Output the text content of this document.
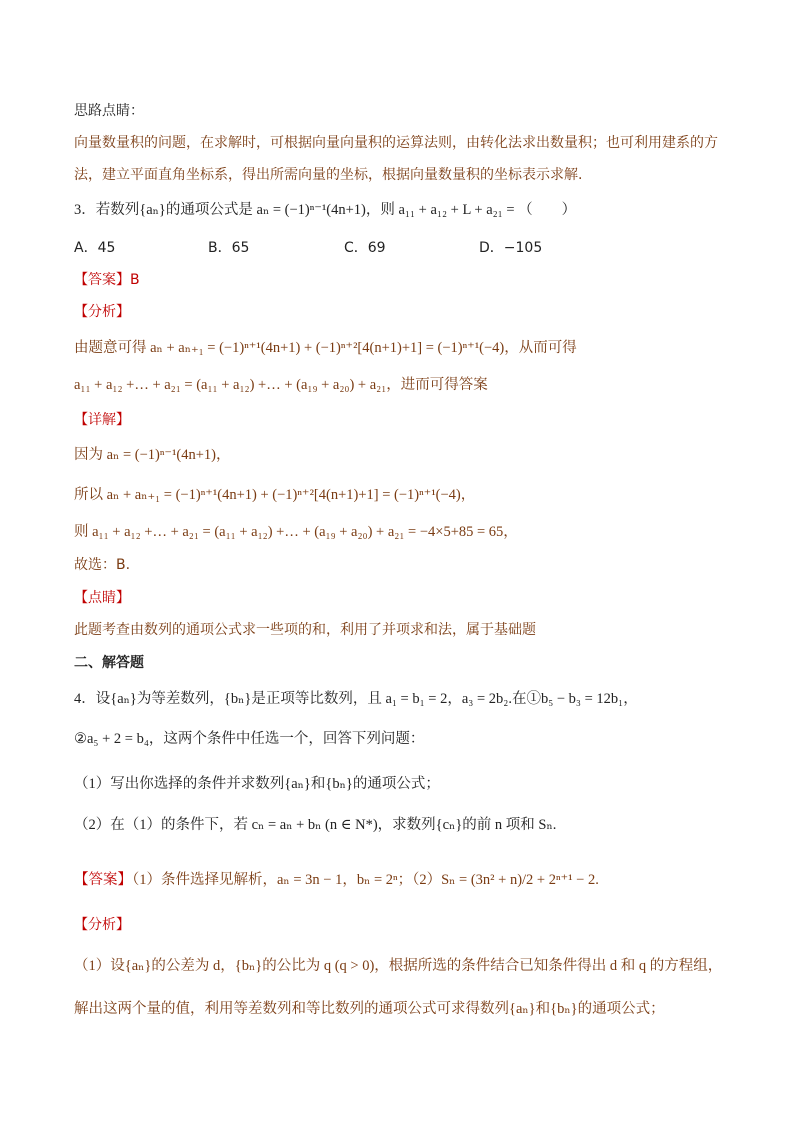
思路点睛：
向量数量积的问题，在求解时，可根据向量向量积的运算法则，由转化法求出数量积；也可利用建系的方
法，建立平面直角坐标系，得出所需向量的坐标，根据向量数量积的坐标表示求解.
3．若数列{aₙ}的通项公式是 aₙ = (−1)ⁿ⁻¹(4n+1)，则 a₁₁ + a₁₂ + L + a₂₁ = （　　）
A．45	B．65	C．69	D．−105
【答案】B
【分析】
由题意可得 aₙ + aₙ₊₁ = (−1)ⁿ⁺¹(4n+1) + (−1)ⁿ⁺²[4(n+1)+1] = (−1)ⁿ⁺¹(−4)，从而可得
a₁₁ + a₁₂ +… + a₂₁ = (a₁₁ + a₁₂) +… + (a₁₉ + a₂₀) + a₂₁，进而可得答案
【详解】
因为 aₙ = (−1)ⁿ⁻¹(4n+1)，
所以 aₙ + aₙ₊₁ = (−1)ⁿ⁺¹(4n+1) + (−1)ⁿ⁺²[4(n+1)+1] = (−1)ⁿ⁺¹(−4)，
则 a₁₁ + a₁₂ +… + a₂₁ = (a₁₁ + a₁₂) +… + (a₁₉ + a₂₀) + a₂₁ = −4×5+85 = 65，
故选：B.
【点睛】
此题考查由数列的通项公式求一些项的和，利用了并项求和法，属于基础题
二、解答题
4．设{aₙ}为等差数列，{bₙ}是正项等比数列，且 a₁ = b₁ = 2，a₃ = 2b₂.在①b₅ − b₃ = 12b₁，
②a₅ + 2 = b₄，这两个条件中任选一个，回答下列问题：
（1）写出你选择的条件并求数列{aₙ}和{bₙ}的通项公式；
（2）在（1）的条件下，若 cₙ = aₙ + bₙ (n ∈ N*)，求数列{cₙ}的前 n 项和 Sₙ.
【答案】（1）条件选择见解析，aₙ = 3n − 1，bₙ = 2ⁿ；（2）Sₙ = (3n² + n)/2 + 2ⁿ⁺¹ − 2.
【分析】
（1）设{aₙ}的公差为 d，{bₙ}的公比为 q (q > 0)，根据所选的条件结合已知条件得出 d 和 q 的方程组，
解出这两个量的值，利用等差数列和等比数列的通项公式可求得数列{aₙ}和{bₙ}的通项公式；
